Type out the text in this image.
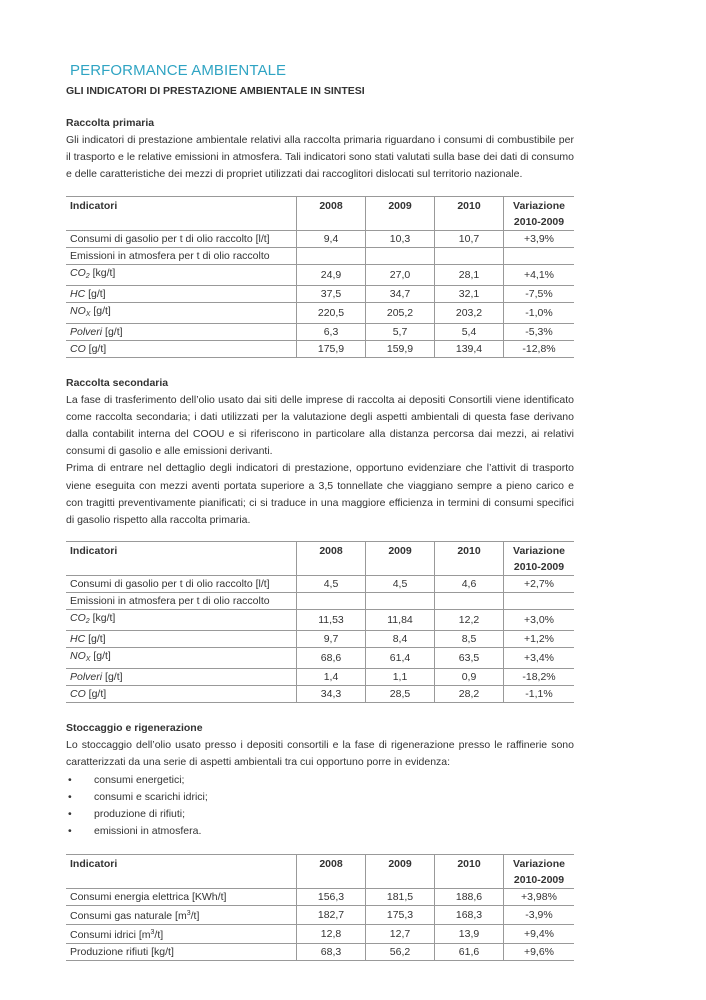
PERFORMANCE AMBIENTALE
GLI INDICATORI DI PRESTAZIONE AMBIENTALE IN SINTESI
Raccolta primaria

Gli indicatori di prestazione ambientale relativi alla raccolta primaria riguardano i consumi di combustibile per il trasporto e le relative emissioni in atmosfera. Tali indicatori sono stati valutati sulla base dei dati di consumo e delle caratteristiche dei mezzi di propriet utilizzati dai raccoglitori dislocati sul territorio nazionale.

Indicatori	2008	2009	2010	Variazione
2010-2009
Consumi di gasolio per t di olio raccolto [l/t]	9,4	10,3	10,7	+3,9%
Emissioni in atmosfera per t di olio raccolto				
$CO_2$ [kg/t]	24,9	27,0	28,1	+4,1%
HC [g/t]	37,5	34,7	32,1	-7,5%
$NO_X$ [g/t]	220,5	205,2	203,2	-1,0%
Polveri [g/t]	6,3	5,7	5,4	-5,3%
CO [g/t]	175,9	159,9	139,4	-12,8%
Raccolta secondaria

La fase di trasferimento dell’olio usato dai siti delle imprese di raccolta ai depositi Consortili viene identificato come raccolta secondaria; i dati utilizzati per la valutazione degli aspetti ambientali di questa fase derivano dalla contabilit interna del COOU e si riferiscono in particolare alla distanza percorsa dai mezzi, ai relativi consumi di gasolio e alle emissioni derivanti.

Prima di entrare nel dettaglio degli indicatori di prestazione, opportuno evidenziare che l’attivit di trasporto viene eseguita con mezzi aventi portata superiore a 3,5 tonnellate che viaggiano sempre a pieno carico e con tragitti preventivamente pianificati; ci si traduce in una maggiore efficienza in termini di consumi specifici di gasolio rispetto alla raccolta primaria.

Indicatori	2008	2009	2010	Variazione
2010-2009
Consumi di gasolio per t di olio raccolto [l/t]	4,5	4,5	4,6	+2,7%
Emissioni in atmosfera per t di olio raccolto				
$CO_2$ [kg/t]	11,53	11,84	12,2	+3,0%
HC [g/t]	9,7	8,4	8,5	+1,2%
$NO_X$ [g/t]	68,6	61,4	63,5	+3,4%
Polveri [g/t]	1,4	1,1	0,9	-18,2%
CO [g/t]	34,3	28,5	28,2	-1,1%
Stoccaggio e rigenerazione

Lo stoccaggio dell’olio usato presso i depositi consortili e la fase di rigenerazione presso le raffinerie sono caratterizzati da una serie di aspetti ambientali tra cui opportuno porre in evidenza:

• consumi energetici;
• consumi e scarichi idrici;
• produzione di rifiuti;
• emissioni in atmosfera.
Indicatori	2008	2009	2010	Variazione
2010-2009
Consumi energia elettrica [KWh/t]	156,3	181,5	188,6	+3,98%
Consumi gas naturale $[m^3/t]$	182,7	175,3	168,3	-3,9%
Consumi idrici $[m^3/t]$	12,8	12,7	13,9	+9,4%
Produzione rifiuti [kg/t]	68,3	56,2	61,6	+9,6%
